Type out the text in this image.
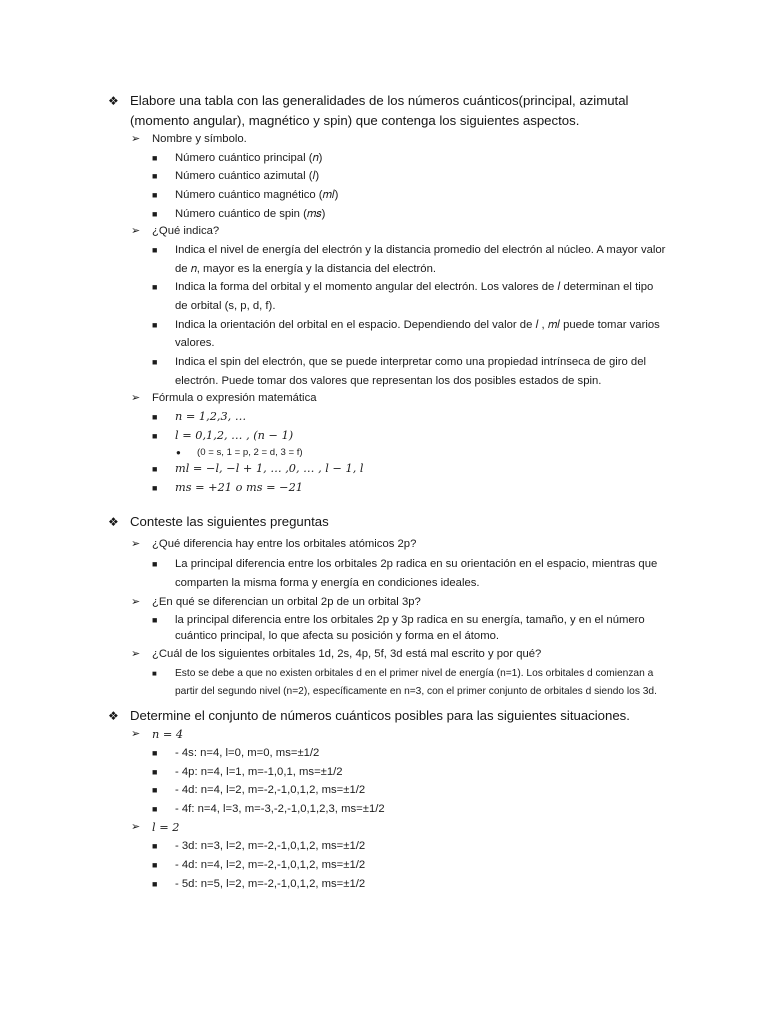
❖ Elabore una tabla con las generalidades de los números cuánticos(principal, azimutal (momento angular), magnético y spin) que contenga los siguientes aspectos.
➢ Nombre y símbolo.
■ Número cuántico principal (𝑛)
■ Número cuántico azimutal (𝑙)
■ Número cuántico magnético (𝑚𝑙)
■ Número cuántico de spin (𝑚𝑠)
➢ ¿Qué indica?
■ Indica el nivel de energía del electrón y la distancia promedio del electrón al núcleo. A mayor valor de 𝑛, mayor es la energía y la distancia del electrón.
■ Indica la forma del orbital y el momento angular del electrón. Los valores de 𝑙 determinan el tipo de orbital (s, p, d, f).
■ Indica la orientación del orbital en el espacio. Dependiendo del valor de 𝑙 , 𝑚𝑙 puede tomar varios valores.
■ Indica el spin del electrón, que se puede interpretar como una propiedad intrínseca de giro del electrón. Puede tomar dos valores que representan los dos posibles estados de spin.
➢ Fórmula o expresión matemática
■ 𝑛 = 1,2,3, …
■ 𝑙 = 0,1,2, … , (𝑛 − 1)
● (0 = s, 1 = p, 2 = d, 3 = f)
■ 𝑚𝑙 = −𝑙, −𝑙 + 1, … ,0, … , 𝑙 − 1, 𝑙
■ 𝑚𝑠 = +21 𝑜 𝑚𝑠 = −21
❖ Conteste las siguientes preguntas
➢ ¿Qué diferencia hay entre los orbitales atómicos 2p?
■ La principal diferencia entre los orbitales 2p radica en su orientación en el espacio, mientras que comparten la misma forma y energía en condiciones ideales.
➢ ¿En qué se diferencian un orbital 2p de un orbital 3p?
■ la principal diferencia entre los orbitales 2p y 3p radica en su energía, tamaño, y en el número cuántico principal, lo que afecta su posición y forma en el átomo.
➢ ¿Cuál de los siguientes orbitales 1d, 2s, 4p, 5f, 3d está mal escrito y por qué?
■ Esto se debe a que no existen orbitales d en el primer nivel de energía (n=1). Los orbitales d comienzan a partir del segundo nivel (n=2), específicamente en n=3, con el primer conjunto de orbitales d siendo los 3d.
❖ Determine el conjunto de números cuánticos posibles para las siguientes situaciones.
➢ 𝑛 = 4
■ - 4s: n=4, l=0, m=0, ms=±1/2
■ - 4p: n=4, l=1, m=-1,0,1, ms=±1/2
■ - 4d: n=4, l=2, m=-2,-1,0,1,2, ms=±1/2
■ - 4f: n=4, l=3, m=-3,-2,-1,0,1,2,3, ms=±1/2
➢ 𝑙 = 2
■ - 3d: n=3, l=2, m=-2,-1,0,1,2, ms=±1/2
■ - 4d: n=4, l=2, m=-2,-1,0,1,2, ms=±1/2
■ - 5d: n=5, l=2, m=-2,-1,0,1,2, ms=±1/2
